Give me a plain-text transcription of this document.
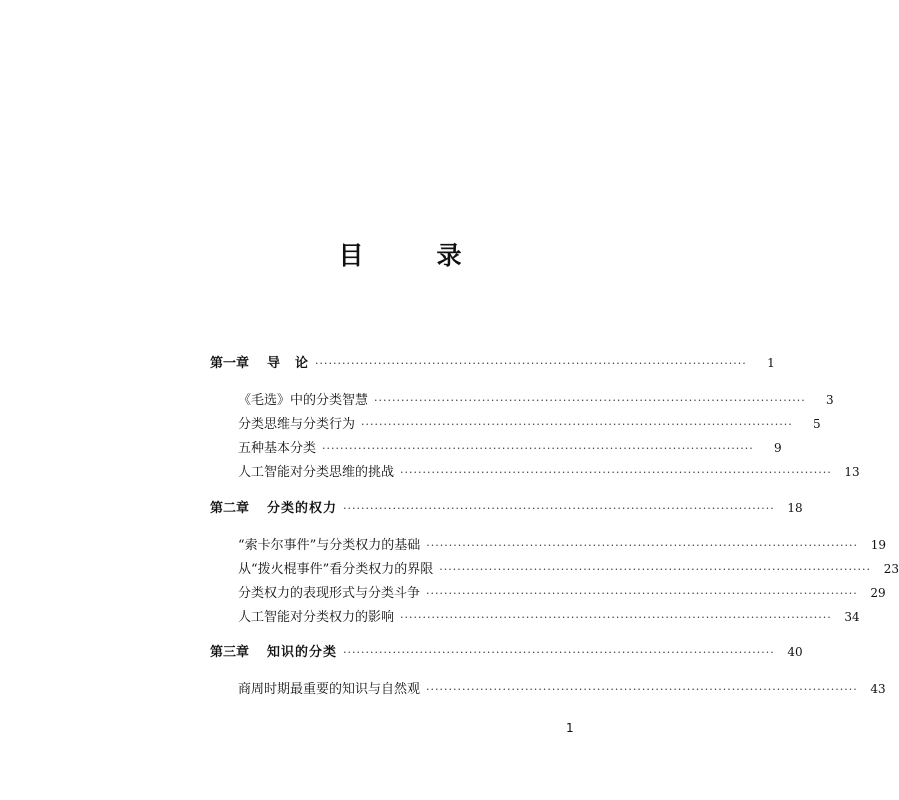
目　录
第一章 导　论 ································································································	1
《毛选》中的分类智慧 ································································································	3
分类思维与分类行为 ································································································	5
五种基本分类 ································································································	9
人工智能对分类思维的挑战 ································································································	13
第二章 分类的权力 ································································································	18
“索卡尔事件”与分类权力的基础 ································································································	19
从“拨火棍事件”看分类权力的界限 ································································································	23
分类权力的表现形式与分类斗争 ································································································	29
人工智能对分类权力的影响 ································································································	34
第三章 知识的分类 ································································································	40
商周时期最重要的知识与自然观 ································································································	43
1
